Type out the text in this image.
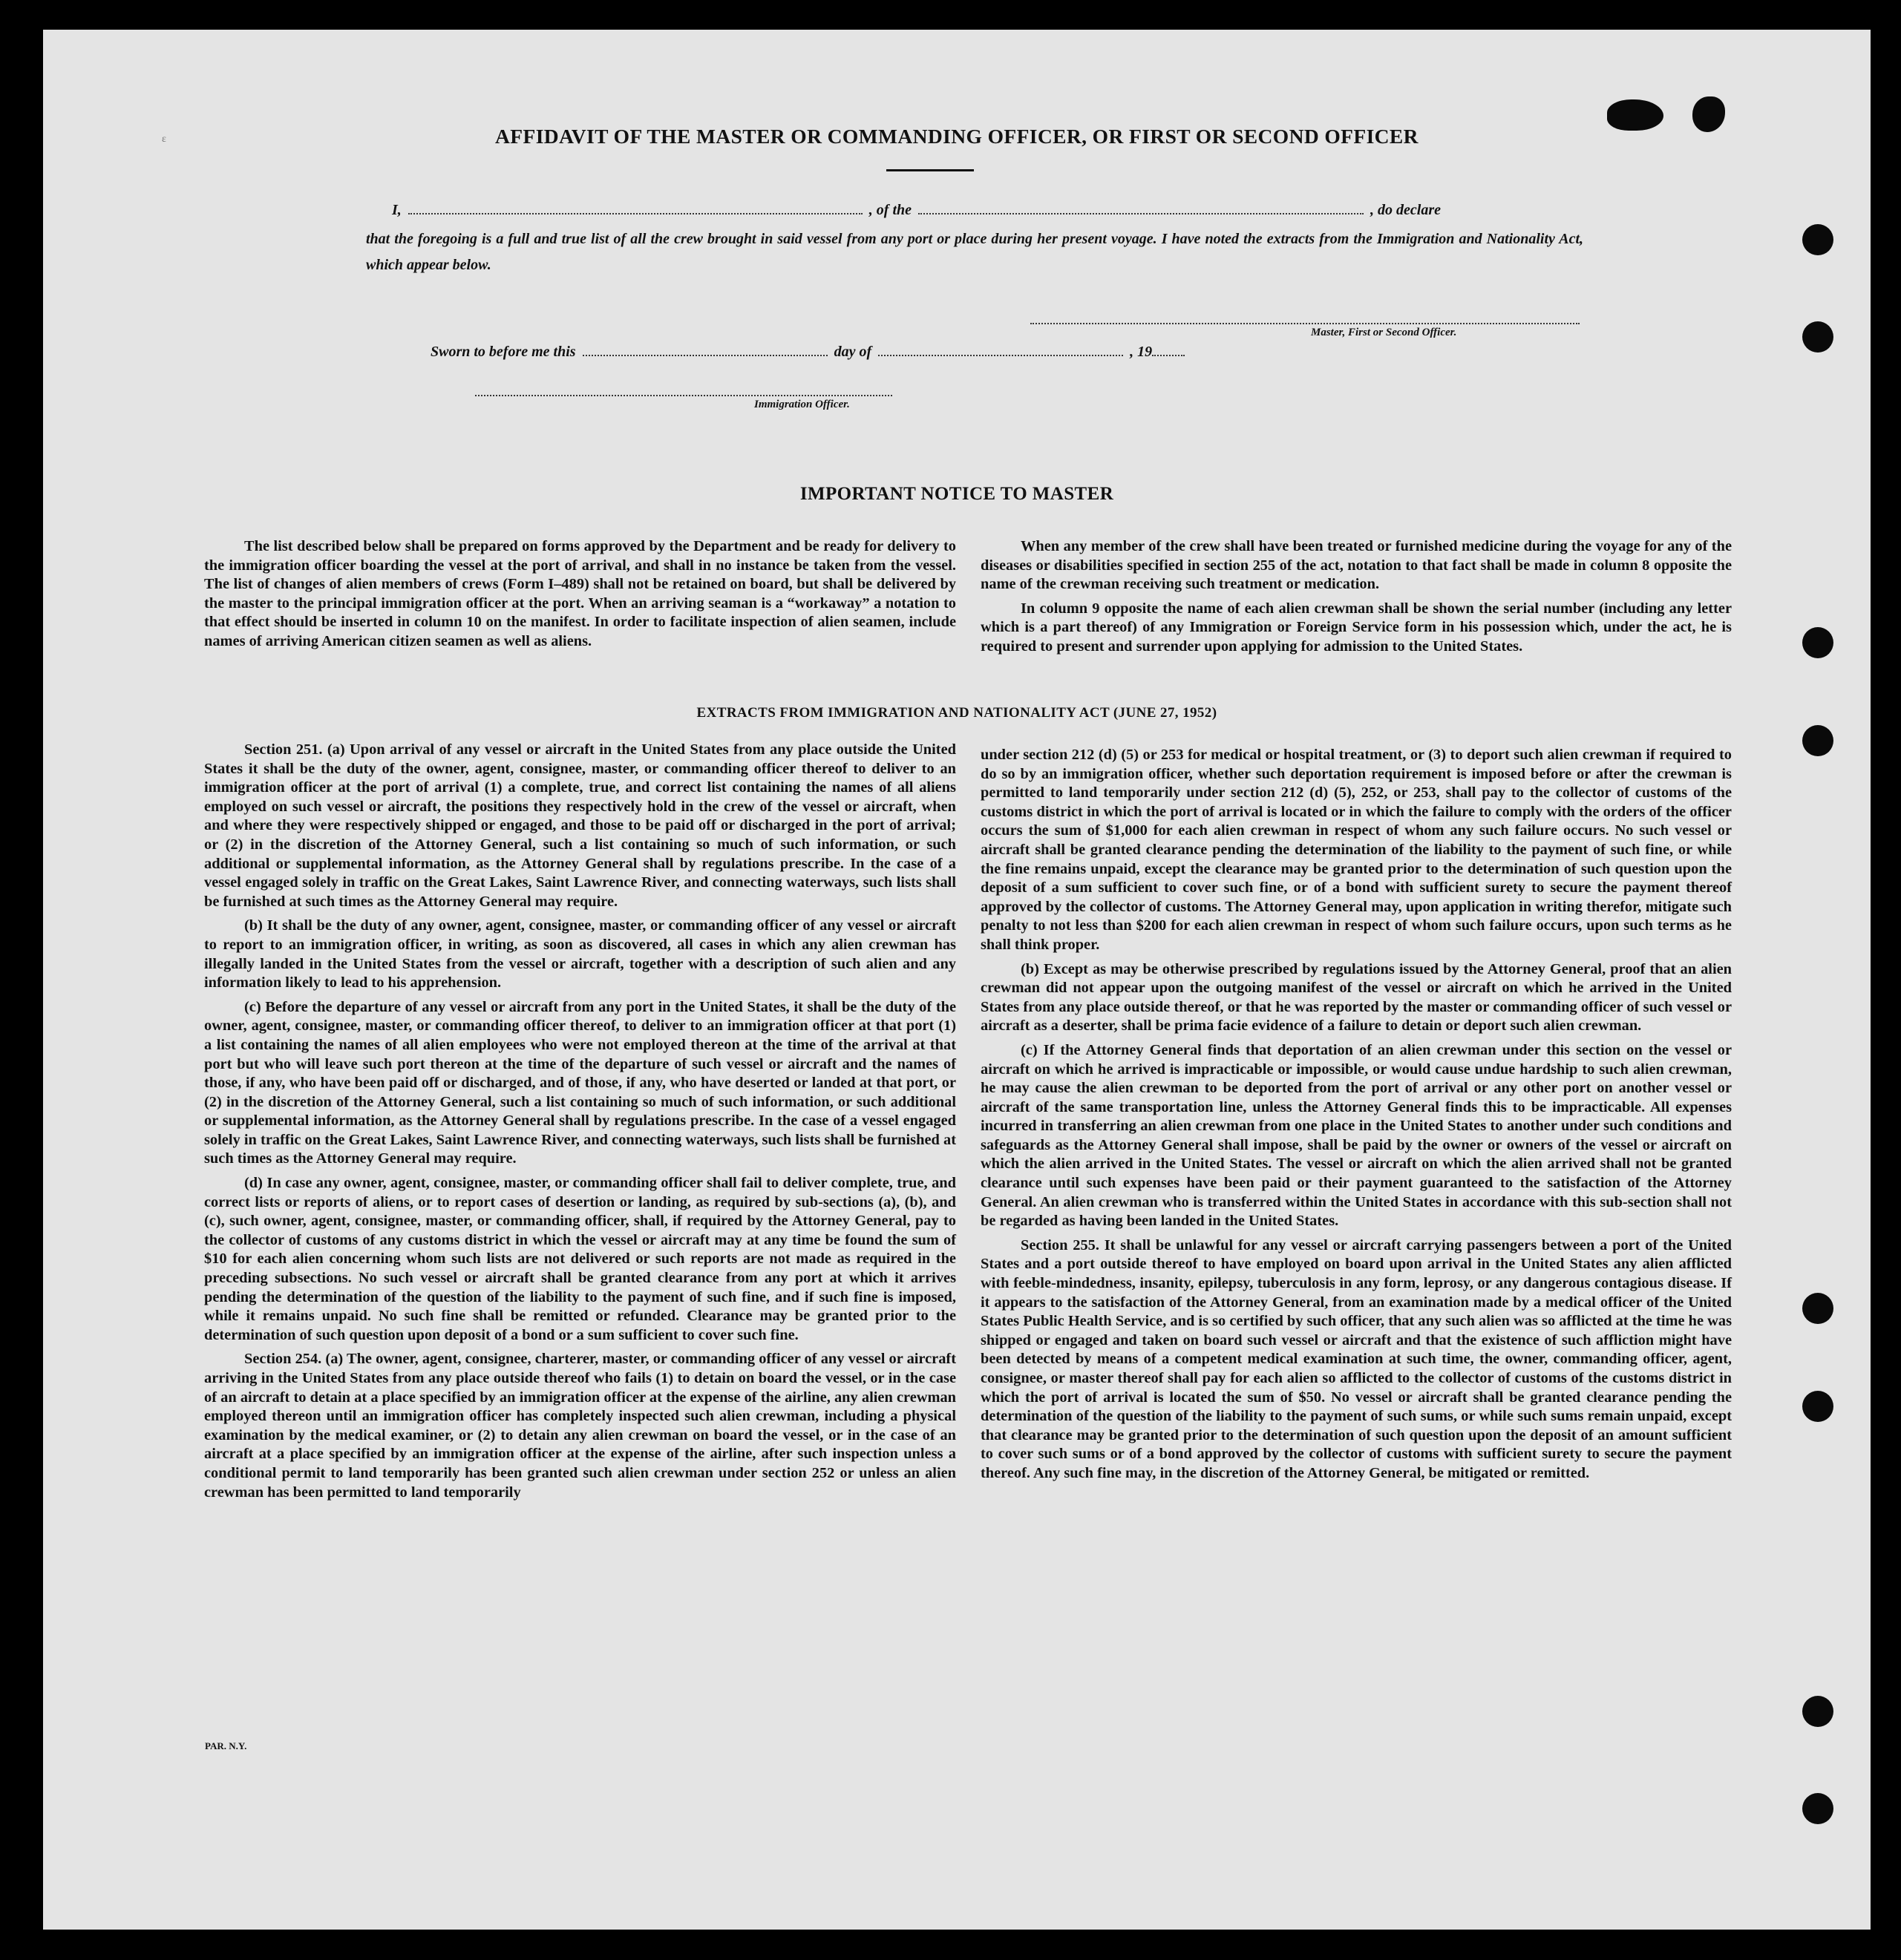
ε	AFFIDAVIT OF THE MASTER OR COMMANDING OFFICER, OR FIRST OR SECOND OFFICER
I,	, of the	, do declare
that the foregoing is a full and true list of all the crew brought in said vessel from any port or place during her present voyage. I have noted the extracts from the Immigration and Nationality Act, which appear below.
Master, First or Second Officer.
Sworn to before me this	day of	, 19
Immigration Officer.
IMPORTANT NOTICE TO MASTER

The list described below shall be prepared on forms approved by the Department and be ready for delivery to the immigration officer boarding the vessel at the port of arrival, and shall in no instance be taken from the vessel. The list of changes of alien members of crews (Form I–489) shall not be retained on board, but shall be delivered by the master to the principal immigration officer at the port. When an arriving seaman is a “workaway” a notation to that effect should be inserted in column 10 on the manifest. In order to facilitate inspection of alien seamen, include names of arriving American citizen seamen as well as aliens.

When any member of the crew shall have been treated or furnished medicine during the voyage for any of the diseases or disabilities specified in section 255 of the act, notation to that fact shall be made in column 8 opposite the name of the crewman receiving such treatment or medication.

In column 9 opposite the name of each alien crewman shall be shown the serial number (including any letter which is a part thereof) of any Immigration or Foreign Service form in his possession which, under the act, he is required to present and surrender upon applying for admission to the United States.

EXTRACTS FROM IMMIGRATION AND NATIONALITY ACT (JUNE 27, 1952)

Section 251. (a) Upon arrival of any vessel or aircraft in the United States from any place outside the United States it shall be the duty of the owner, agent, consignee, master, or commanding officer thereof to deliver to an immigration officer at the port of arrival (1) a complete, true, and correct list containing the names of all aliens employed on such vessel or aircraft, the positions they respectively hold in the crew of the vessel or aircraft, when and where they were respectively shipped or engaged, and those to be paid off or discharged in the port of arrival; or (2) in the discretion of the Attorney General, such a list containing so much of such information, or such additional or supplemental information, as the Attorney General shall by regulations prescribe. In the case of a vessel engaged solely in traffic on the Great Lakes, Saint Lawrence River, and connecting waterways, such lists shall be furnished at such times as the Attorney General may require.

(b) It shall be the duty of any owner, agent, consignee, master, or commanding officer of any vessel or aircraft to report to an immigration officer, in writing, as soon as discovered, all cases in which any alien crewman has illegally landed in the United States from the vessel or aircraft, together with a description of such alien and any information likely to lead to his apprehension.

(c) Before the departure of any vessel or aircraft from any port in the United States, it shall be the duty of the owner, agent, consignee, master, or commanding officer thereof, to deliver to an immigration officer at that port (1) a list containing the names of all alien employees who were not employed thereon at the time of the arrival at that port but who will leave such port thereon at the time of the departure of such vessel or aircraft and the names of those, if any, who have been paid off or discharged, and of those, if any, who have deserted or landed at that port, or (2) in the discretion of the Attorney General, such a list containing so much of such information, or such additional or supplemental information, as the Attorney General shall by regulations prescribe. In the case of a vessel engaged solely in traffic on the Great Lakes, Saint Lawrence River, and connecting waterways, such lists shall be furnished at such times as the Attorney General may require.

(d) In case any owner, agent, consignee, master, or commanding officer shall fail to deliver complete, true, and correct lists or reports of aliens, or to report cases of desertion or landing, as required by sub-sections (a), (b), and (c), such owner, agent, consignee, master, or commanding officer, shall, if required by the Attorney General, pay to the collector of customs of any customs district in which the vessel or aircraft may at any time be found the sum of $10 for each alien concerning whom such lists are not delivered or such reports are not made as required in the preceding subsections. No such vessel or aircraft shall be granted clearance from any port at which it arrives pending the determination of the question of the liability to the payment of such fine, and if such fine is imposed, while it remains unpaid. No such fine shall be remitted or refunded. Clearance may be granted prior to the determination of such question upon deposit of a bond or a sum sufficient to cover such fine.

Section 254. (a) The owner, agent, consignee, charterer, master, or commanding officer of any vessel or aircraft arriving in the United States from any place outside thereof who fails (1) to detain on board the vessel, or in the case of an aircraft to detain at a place specified by an immigration officer at the expense of the airline, any alien crewman employed thereon until an immigration officer has completely inspected such alien crewman, including a physical examination by the medical examiner, or (2) to detain any alien crewman on board the vessel, or in the case of an aircraft at a place specified by an immigration officer at the expense of the airline, after such inspection unless a conditional permit to land temporarily has been granted such alien crewman under section 252 or unless an alien crewman has been permitted to land temporarily

under section 212 (d) (5) or 253 for medical or hospital treatment, or (3) to deport such alien crewman if required to do so by an immigration officer, whether such deportation requirement is imposed before or after the crewman is permitted to land temporarily under section 212 (d) (5), 252, or 253, shall pay to the collector of customs of the customs district in which the port of arrival is located or in which the failure to comply with the orders of the officer occurs the sum of $1,000 for each alien crewman in respect of whom any such failure occurs. No such vessel or aircraft shall be granted clearance pending the determination of the liability to the payment of such fine, or while the fine remains unpaid, except the clearance may be granted prior to the determination of such question upon the deposit of a sum sufficient to cover such fine, or of a bond with sufficient surety to secure the payment thereof approved by the collector of customs. The Attorney General may, upon application in writing therefor, mitigate such penalty to not less than $200 for each alien crewman in respect of whom such failure occurs, upon such terms as he shall think proper.

(b) Except as may be otherwise prescribed by regulations issued by the Attorney General, proof that an alien crewman did not appear upon the outgoing manifest of the vessel or aircraft on which he arrived in the United States from any place outside thereof, or that he was reported by the master or commanding officer of such vessel or aircraft as a deserter, shall be prima facie evidence of a failure to detain or deport such alien crewman.

(c) If the Attorney General finds that deportation of an alien crewman under this section on the vessel or aircraft on which he arrived is impracticable or impossible, or would cause undue hardship to such alien crewman, he may cause the alien crewman to be deported from the port of arrival or any other port on another vessel or aircraft of the same transportation line, unless the Attorney General finds this to be impracticable. All expenses incurred in transferring an alien crewman from one place in the United States to another under such conditions and safeguards as the Attorney General shall impose, shall be paid by the owner or owners of the vessel or aircraft on which the alien arrived in the United States. The vessel or aircraft on which the alien arrived shall not be granted clearance until such expenses have been paid or their payment guaranteed to the satisfaction of the Attorney General. An alien crewman who is transferred within the United States in accordance with this sub-section shall not be regarded as having been landed in the United States.

Section 255. It shall be unlawful for any vessel or aircraft carrying passengers between a port of the United States and a port outside thereof to have employed on board upon arrival in the United States any alien afflicted with feeble-mindedness, insanity, epilepsy, tuberculosis in any form, leprosy, or any dangerous contagious disease. If it appears to the satisfaction of the Attorney General, from an examination made by a medical officer of the United States Public Health Service, and is so certified by such officer, that any such alien was so afflicted at the time he was shipped or engaged and taken on board such vessel or aircraft and that the existence of such affliction might have been detected by means of a competent medical examination at such time, the owner, commanding officer, agent, consignee, or master thereof shall pay for each alien so afflicted to the collector of customs of the customs district in which the port of arrival is located the sum of $50. No vessel or aircraft shall be granted clearance pending the determination of the question of the liability to the payment of such sums, or while such sums remain unpaid, except that clearance may be granted prior to the determination of such question upon the deposit of an amount sufficient to cover such sums or of a bond approved by the collector of customs with sufficient surety to secure the payment thereof. Any such fine may, in the discretion of the Attorney General, be mitigated or remitted.

PAR. N.Y.
